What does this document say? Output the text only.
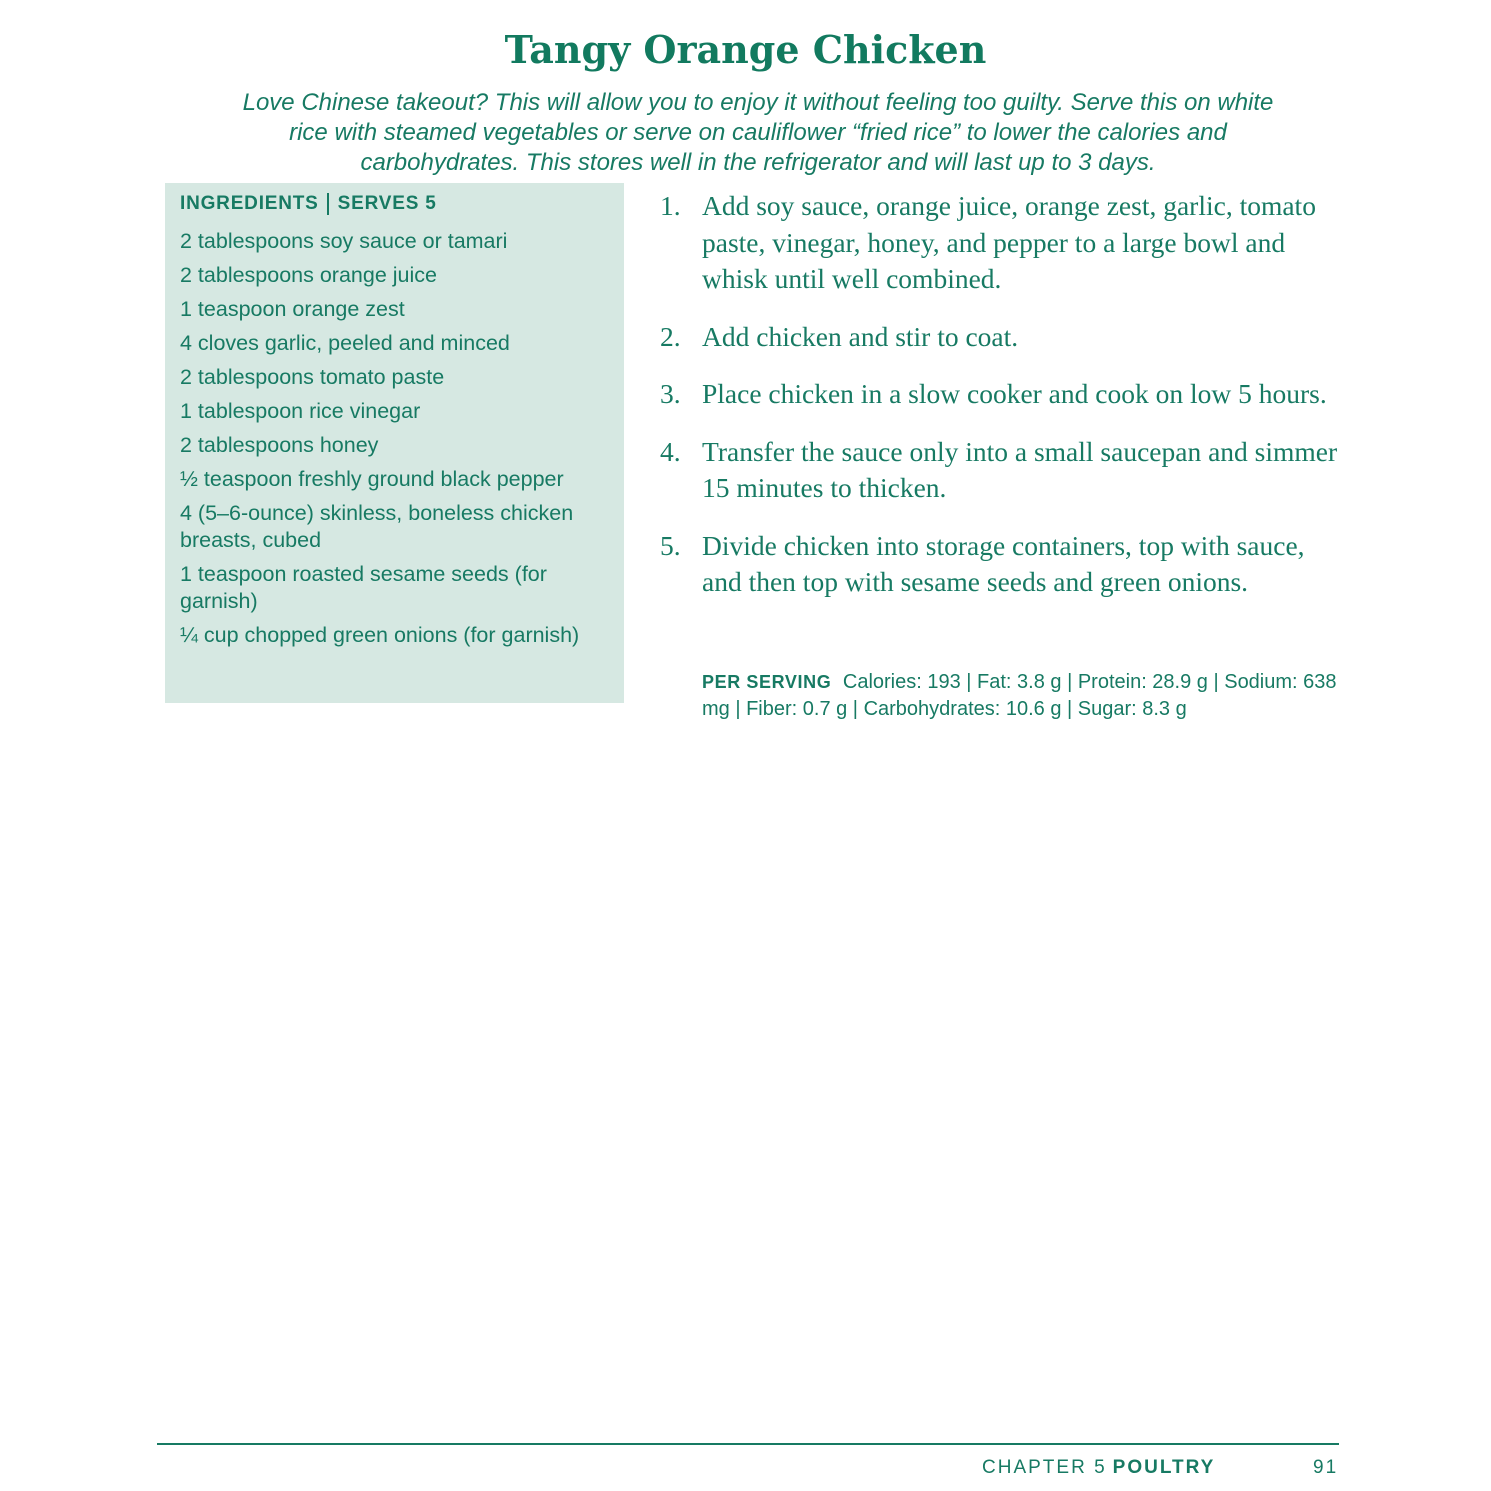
Tangy Orange Chicken

Love Chinese takeout? This will allow you to enjoy it without feeling too guilty. Serve this on white rice with steamed vegetables or serve on cauliflower “fried rice” to lower the calories and carbohydrates. This stores well in the refrigerator and will last up to 3 days.

INGREDIENTS SERVES 5
2 tablespoons soy sauce or tamari
2 tablespoons orange juice
1 teaspoon orange zest
4 cloves garlic, peeled and minced
2 tablespoons tomato paste
1 tablespoon rice vinegar
2 tablespoons honey
½ teaspoon freshly ground black pepper
4 (5–6-ounce) skinless, boneless chicken breasts, cubed
1 teaspoon roasted sesame seeds (for garnish)
¼ cup chopped green onions (for garnish)
1. Add soy sauce, orange juice, orange zest, garlic, tomato paste, vinegar, honey, and pepper to a large bowl and whisk until well combined.
2. Add chicken and stir to coat.
3. Place chicken in a slow cooker and cook on low 5 hours.
4. Transfer the sauce only into a small saucepan and simmer 15 minutes to thicken.
5. Divide chicken into storage containers, top with sauce, and then top with sesame seeds and green onions.
PER SERVING Calories: 193 | Fat: 3.8 g | Protein: 28.9 g | Sodium: 638 mg | Fiber: 0.7 g | Carbohydrates: 10.6 g | Sugar: 8.3 g
CHAPTER 5 POULTRY	91
